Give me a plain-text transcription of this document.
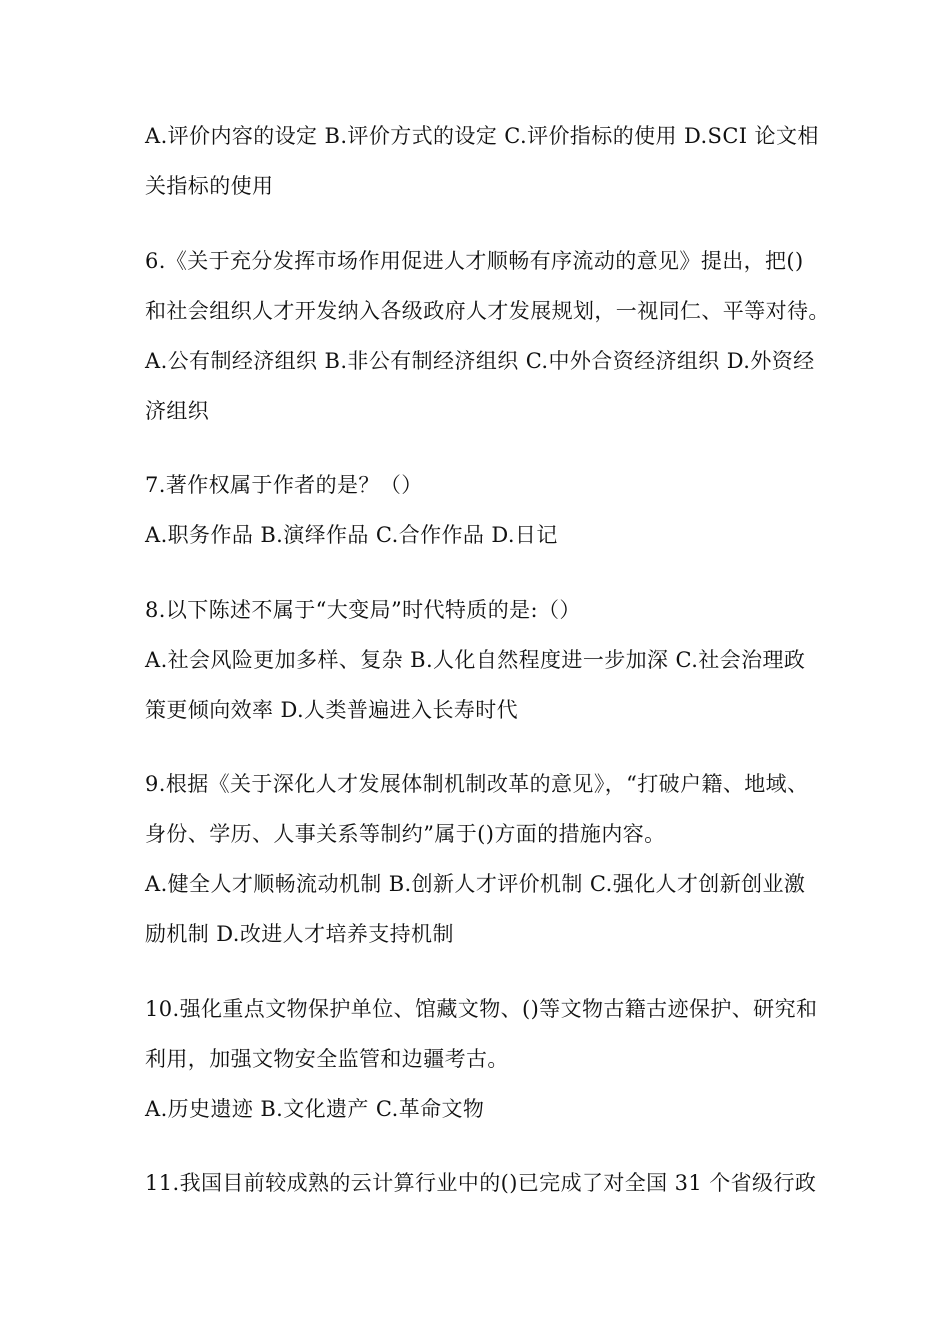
A.评价内容的设定 B.评价方式的设定 C.评价指标的使用 D.SCI 论文相
关指标的使用
6.《关于充分发挥市场作用促进人才顺畅有序流动的意见》提出，把()
和社会组织人才开发纳入各级政府人才发展规划，一视同仁、平等对待。
A.公有制经济组织 B.非公有制经济组织 C.中外合资经济组织 D.外资经
济组织
7.著作权属于作者的是？（）
A.职务作品 B.演绎作品 C.合作作品 D.日记
8.以下陈述不属于“大变局”时代特质的是:（）
A.社会风险更加多样、复杂 B.人化自然程度进一步加深 C.社会治理政
策更倾向效率 D.人类普遍进入长寿时代
9.根据《关于深化人才发展体制机制改革的意见》，“打破户籍、地域、
身份、学历、人事关系等制约”属于()方面的措施内容。
A.健全人才顺畅流动机制 B.创新人才评价机制 C.强化人才创新创业激
励机制 D.改进人才培养支持机制
10.强化重点文物保护单位、馆藏文物、()等文物古籍古迹保护、研究和
利用，加强文物安全监管和边疆考古。
A.历史遗迹 B.文化遗产 C.革命文物
11.我国目前较成熟的云计算行业中的()已完成了对全国 31 个省级行政
